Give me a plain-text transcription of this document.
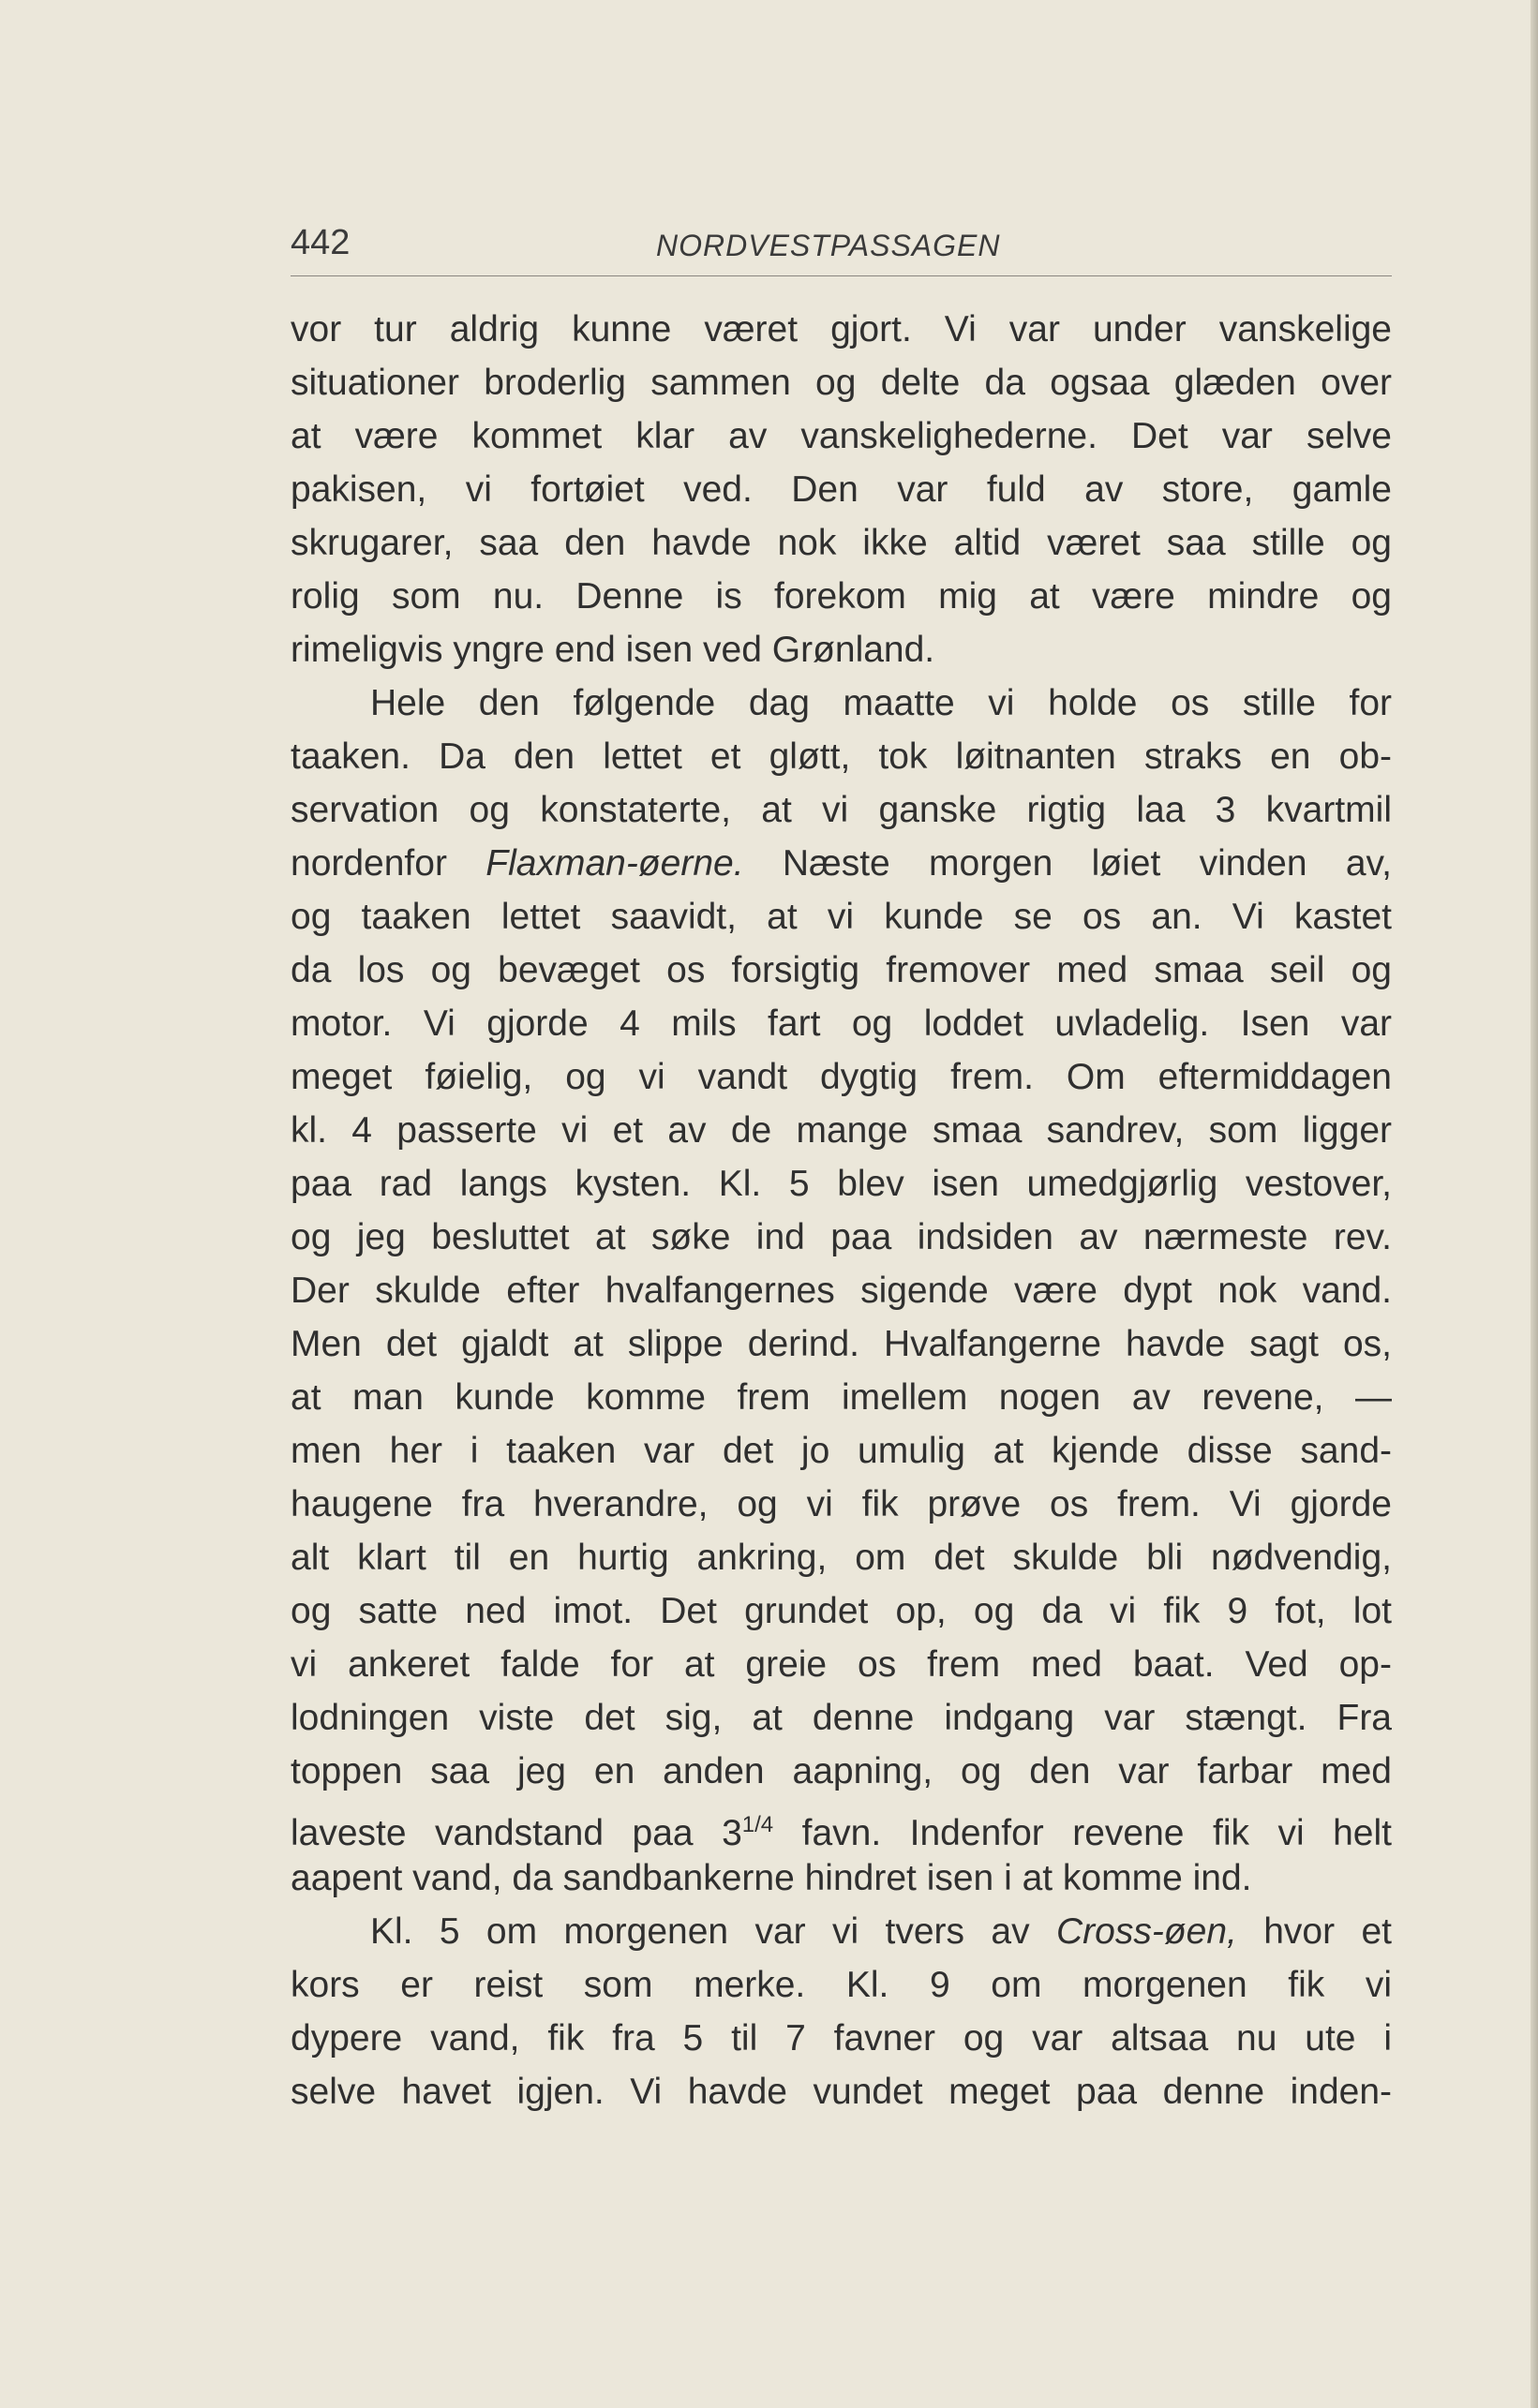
442	NORDVESTPASSAGEN
vor tur aldrig kunne været gjort. Vi var under vanskelige
situationer broderlig sammen og delte da ogsaa glæden over
at være kommet klar av vanskelighederne. Det var selve
pakisen, vi fortøiet ved. Den var fuld av store, gamle
skrugarer, saa den havde nok ikke altid været saa stille og
rolig som nu. Denne is forekom mig at være mindre og
rimeligvis yngre end isen ved Grønland.
Hele den følgende dag maatte vi holde os stille for
taaken. Da den lettet et gløtt, tok løitnanten straks en ob-
servation og konstaterte, at vi ganske rigtig laa 3 kvartmil
nordenfor Flaxman-øerne. Næste morgen løiet vinden av,
og taaken lettet saavidt, at vi kunde se os an. Vi kastet
da los og bevæget os forsigtig fremover med smaa seil og
motor. Vi gjorde 4 mils fart og loddet uvladelig. Isen var
meget føielig, og vi vandt dygtig frem. Om eftermiddagen
kl. 4 passerte vi et av de mange smaa sandrev, som ligger
paa rad langs kysten. Kl. 5 blev isen umedgjørlig vestover,
og jeg besluttet at søke ind paa indsiden av nærmeste rev.
Der skulde efter hvalfangernes sigende være dypt nok vand.
Men det gjaldt at slippe derind. Hvalfangerne havde sagt os,
at man kunde komme frem imellem nogen av revene, —
men her i taaken var det jo umulig at kjende disse sand-
haugene fra hverandre, og vi fik prøve os frem. Vi gjorde
alt klart til en hurtig ankring, om det skulde bli nødvendig,
og satte ned imot. Det grundet op, og da vi fik 9 fot, lot
vi ankeret falde for at greie os frem med baat. Ved op-
lodningen viste det sig, at denne indgang var stængt. Fra
toppen saa jeg en anden aapning, og den var farbar med
laveste vandstand paa $3^{1/4}$ favn. Indenfor revene fik vi helt
aapent vand, da sandbankerne hindret isen i at komme ind.
Kl. 5 om morgenen var vi tvers av Cross-øen, hvor et
kors er reist som merke. Kl. 9 om morgenen fik vi
dypere vand, fik fra 5 til 7 favner og var altsaa nu ute i
selve havet igjen. Vi havde vundet meget paa denne inden-
